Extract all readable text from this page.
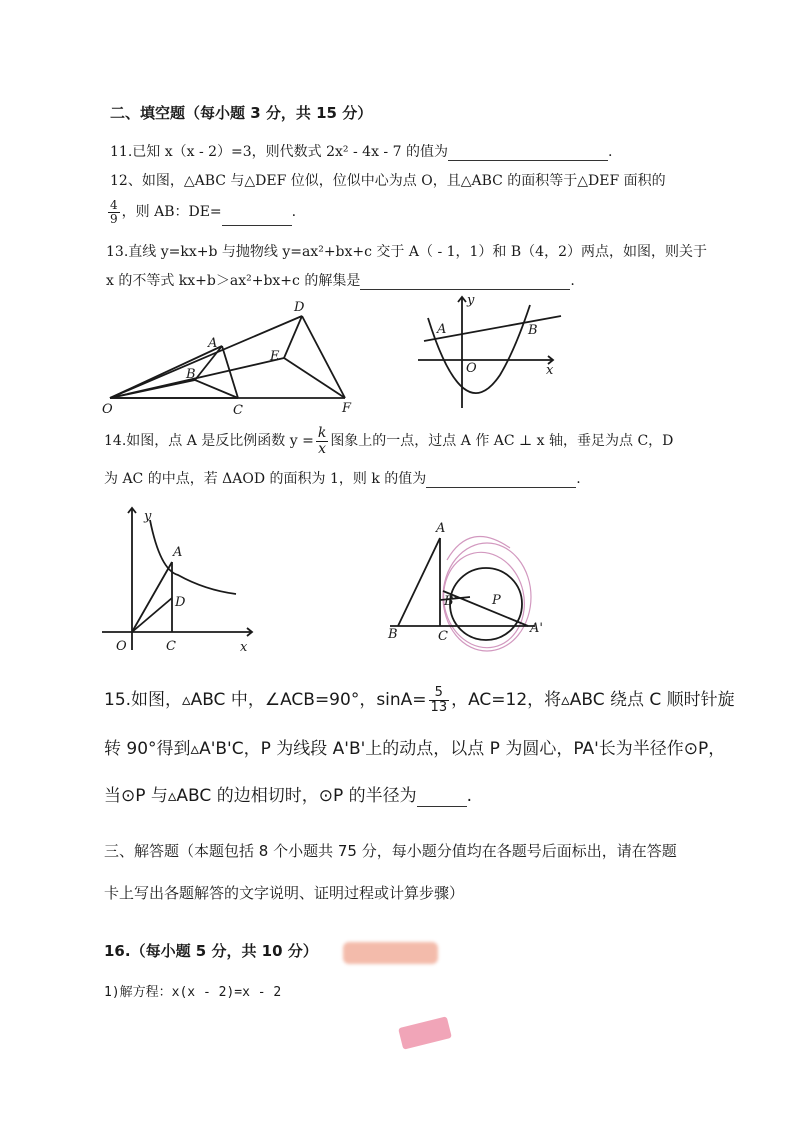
二、填空题（每小题 3 分，共 15 分）
11.已知 x（x - 2）=3，则代数式 2x² - 4x - 7 的值为	.
12、如图，△ABC 与△DEF 位似，位似中心为点 O，且△ABC 的面积等于△DEF 面积的
$\frac{4}{9}$ ，则 AB：DE=	.
13.直线 y=kx+b 与抛物线 y=ax²+bx+c 交于 A（ - 1，1）和 B（4，2）两点，如图，则关于
x 的不等式 kx+b＞ax²+bx+c 的解集是	.
O
A
B
C
D
E
F
y
A	B
O	x
14.如图，点 A 是反比例函数 $y = \frac{k}{x}$ 图象上的一点，过点 A 作 AC ⊥ x 轴，垂足为点 C，D
为 AC 的中点，若 ΔAOD 的面积为 1，则 k 的值为	.
y
A
D
O	C	x
A
B'	P
B	C
A'
15.如图，▵ABC 中，∠ACB=90°，$\sin A= \frac{5}{13}$ ，AC=12，将▵ABC 绕点 C 顺时针旋
转 90°得到▵A'B'C，P 为线段 A'B'上的动点，以点 P 为圆心，PA'长为半径作⊙P，
当⊙P 与▵ABC 的边相切时，⊙P 的半径为	.
三、解答题（本题包括 8 个小题共 75 分，每小题分值均在各题号后面标出，请在答题
卡上写出各题解答的文字说明、证明过程或计算步骤）
16.（每小题 5 分，共 10 分）
1)解方程：x(x - 2)=x - 2
